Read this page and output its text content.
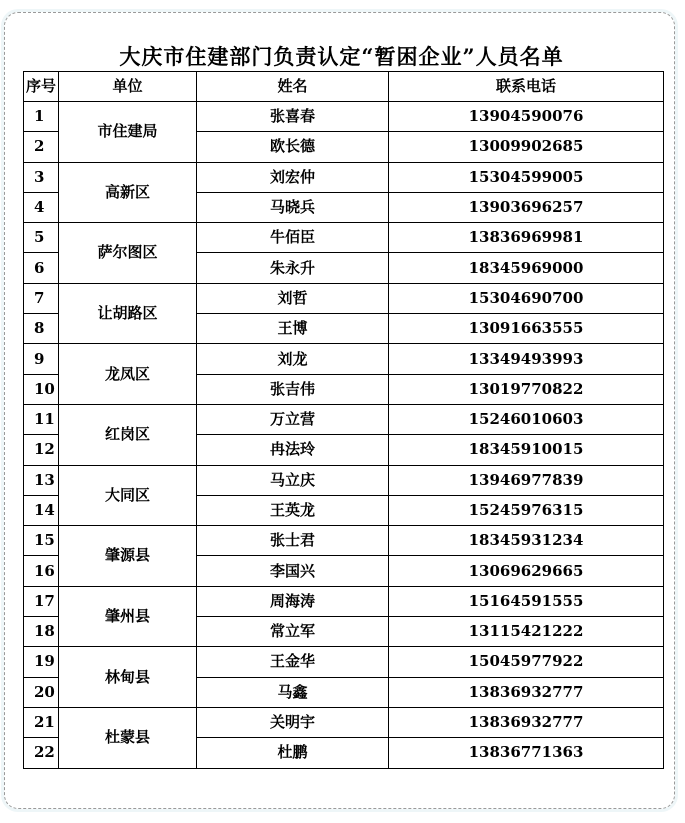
大庆市住建部门负责认定“暂困企业”人员名单
序号	单位	姓名	联系电话
1	市住建局	张喜春	13904590076
2		欧长德	13009902685
3	高新区	刘宏仲	15304599005
4		马晓兵	13903696257
5	萨尔图区	牛佰臣	13836969981
6		朱永升	18345969000
7	让胡路区	刘哲	15304690700
8		王博	13091663555
9	龙凤区	刘龙	13349493993
10		张吉伟	13019770822
11	红岗区	万立营	15246010603
12		冉法玲	18345910015
13	大同区	马立庆	13946977839
14		王英龙	15245976315
15	肇源县	张士君	18345931234
16		李国兴	13069629665
17	肇州县	周海涛	15164591555
18		常立军	13115421222
19	林甸县	王金华	15045977922
20		马鑫	13836932777
21	杜蒙县	关明宇	13836932777
22		杜鹏	13836771363
